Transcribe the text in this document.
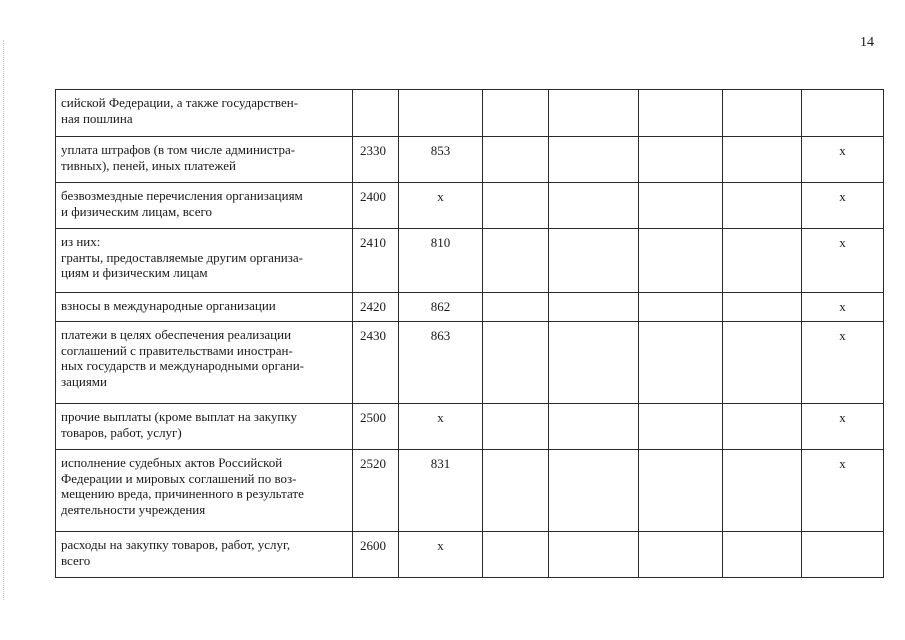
14
сийской Федерации, а также государствен-
ная пошлина							

уплата штрафов (в том числе администра-
тивных), пеней, иных платежей	2330	853					x

безвозмездные перечисления организациям
и физическим лицам, всего	2400	x					x

из них:
гранты, предоставляемые другим организа-
циям и физическим лицам	2410	810					x

взносы в международные организации	2420	862					x

платежи в целях обеспечения реализации
соглашений с правительствами иностран-
ных государств и международными органи-
зациями	2430	863					x

прочие выплаты (кроме выплат на закупку
товаров, работ, услуг)	2500	x					x

исполнение судебных актов Российской
Федерации и мировых соглашений по воз-
мещению вреда, причиненного в результате
деятельности учреждения	2520	831					x

расходы на закупку товаров, работ, услуг,
всего	2600	x					
